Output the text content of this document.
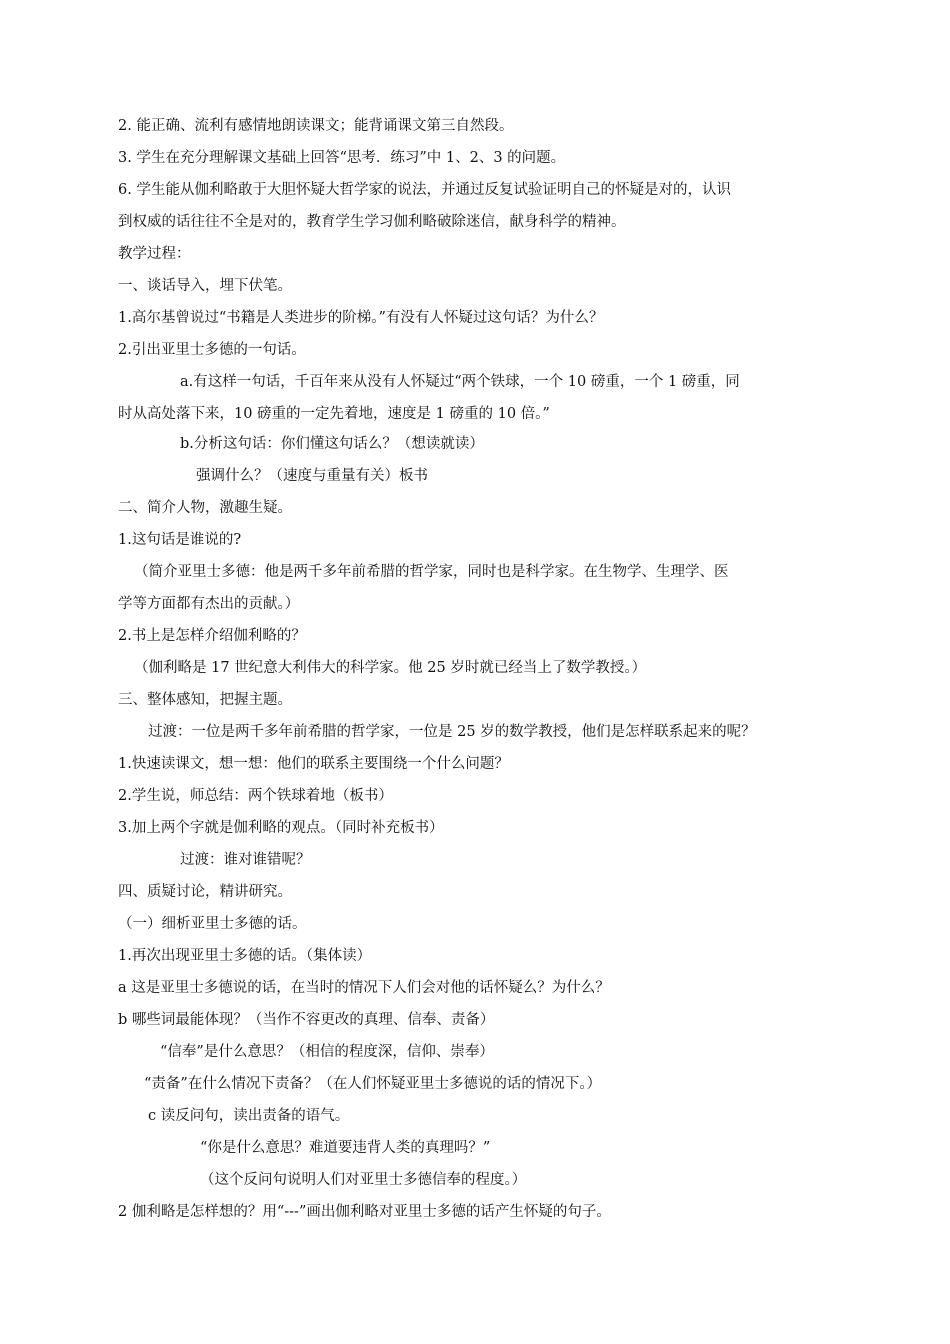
2. 能正确、流利有感情地朗读课文；能背诵课文第三自然段。
3. 学生在充分理解课文基础上回答“思考．练习”中 1、2、3 的问题。
6. 学生能从伽利略敢于大胆怀疑大哲学家的说法，并通过反复试验证明自己的怀疑是对的，认识
到权威的话往往不全是对的，教育学生学习伽利略破除迷信，献身科学的精神。
教学过程：
一、谈话导入，埋下伏笔。
1.高尔基曾说过“书籍是人类进步的阶梯。”有没有人怀疑过这句话？为什么？
2.引出亚里士多德的一句话。
a.有这样一句话，千百年来从没有人怀疑过“两个铁球，一个 10 磅重，一个 1 磅重，同
时从高处落下来，10 磅重的一定先着地，速度是 1 磅重的 10 倍。”
b.分析这句话：你们懂这句话么？（想读就读）
强调什么？（速度与重量有关）板书
二、简介人物，激趣生疑。
1.这句话是谁说的?
（简介亚里士多德：他是两千多年前希腊的哲学家，同时也是科学家。在生物学、生理学、医
学等方面都有杰出的贡献。）
2.书上是怎样介绍伽利略的？
（伽利略是 17 世纪意大利伟大的科学家。他 25 岁时就已经当上了数学教授。）
三、整体感知，把握主题。
过渡：一位是两千多年前希腊的哲学家，一位是 25 岁的数学教授，他们是怎样联系起来的呢？
1.快速读课文，想一想：他们的联系主要围绕一个什么问题？
2.学生说，师总结：两个铁球着地（板书）
3.加上两个字就是伽利略的观点。（同时补充板书）
过渡：谁对谁错呢？
四、质疑讨论，精讲研究。
（一）细析亚里士多德的话。
1.再次出现亚里士多德的话。（集体读）
a 这是亚里士多德说的话，在当时的情况下人们会对他的话怀疑么？为什么？
b 哪些词最能体现？（当作不容更改的真理、信奉、责备）
“信奉”是什么意思？（相信的程度深，信仰、崇奉）
“责备”在什么情况下责备？（在人们怀疑亚里士多德说的话的情况下。）
c 读反问句，读出责备的语气。
“你是什么意思？难道要违背人类的真理吗？”
（这个反问句说明人们对亚里士多德信奉的程度。）
2 伽利略是怎样想的？用“---”画出伽利略对亚里士多德的话产生怀疑的句子。
